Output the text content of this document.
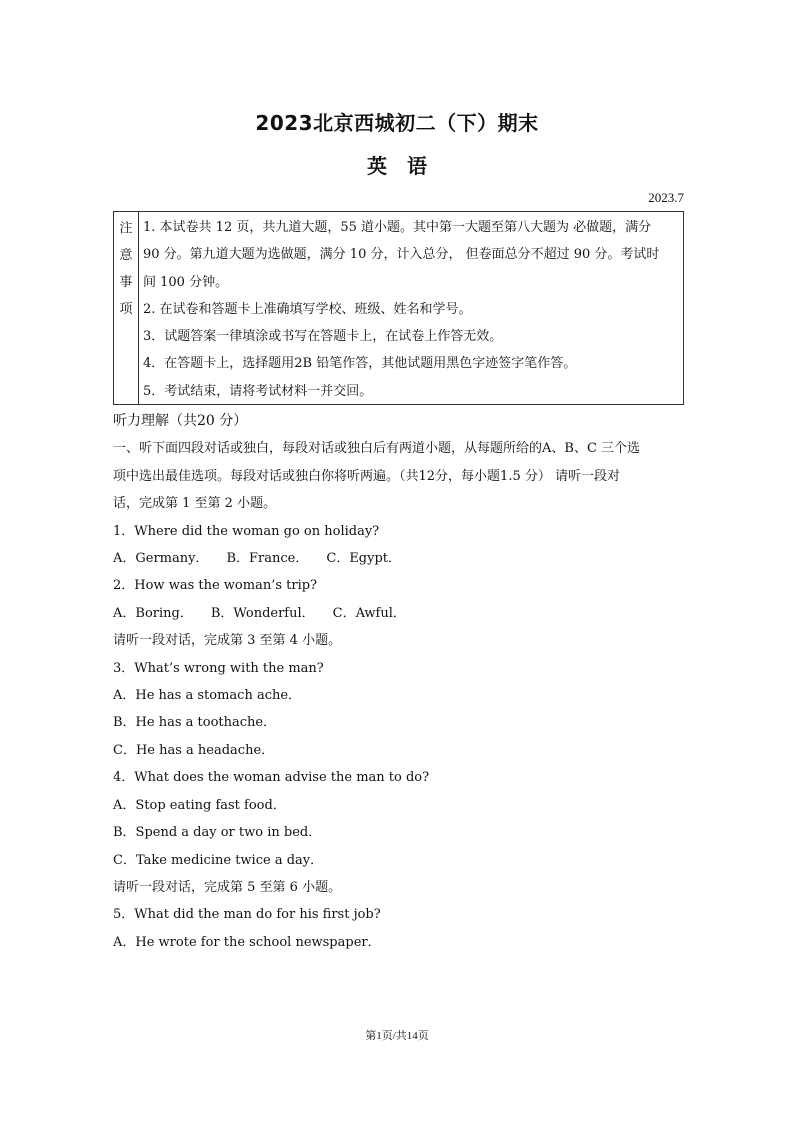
2023北京西城初二（下）期末
英　语
2023.7
注
意
事
项

1. 本试卷共 12 页，共九道大题，55 道小题。其中第一大题至第八大题为 必做题，满分

90 分。第九道大题为选做题，满分 10 分，计入总分， 但卷面总分不超过 90 分。考试时

间 100 分钟。

2. 在试卷和答题卡上准确填写学校、班级、姓名和学号。

3．试题答案一律填涂或书写在答题卡上，在试卷上作答无效。

4．在答题卡上，选择题用2B 铅笔作答，其他试题用黑色字迹签字笔作答。

5．考试结束，请将考试材料一并交回。

听力理解（共20 分）

一、听下面四段对话或独白，每段对话或独白后有两道小题，从每题所给的A、B、C 三个选

项中选出最佳选项。每段对话或独白你将听两遍。（共12分，每小题1.5 分） 请听一段对

话，完成第 1 至第 2 小题。

1．Where did the woman go on holiday?

A．Germany． B．France． C．Egypt．

2．How was the woman’s trip?

A．Boring． B．Wonderful． C．Awful．

请听一段对话，完成第 3 至第 4 小题。

3．What’s wrong with the man?

A．He has a stomach ache．

B．He has a toothache．

C．He has a headache．

4．What does the woman advise the man to do?

A．Stop eating fast food．

B．Spend a day or two in bed．

C．Take medicine twice a day．

请听一段对话，完成第 5 至第 6 小题。

5．What did the man do for his first job?

A．He wrote for the school newspaper．

第1页/共14页
